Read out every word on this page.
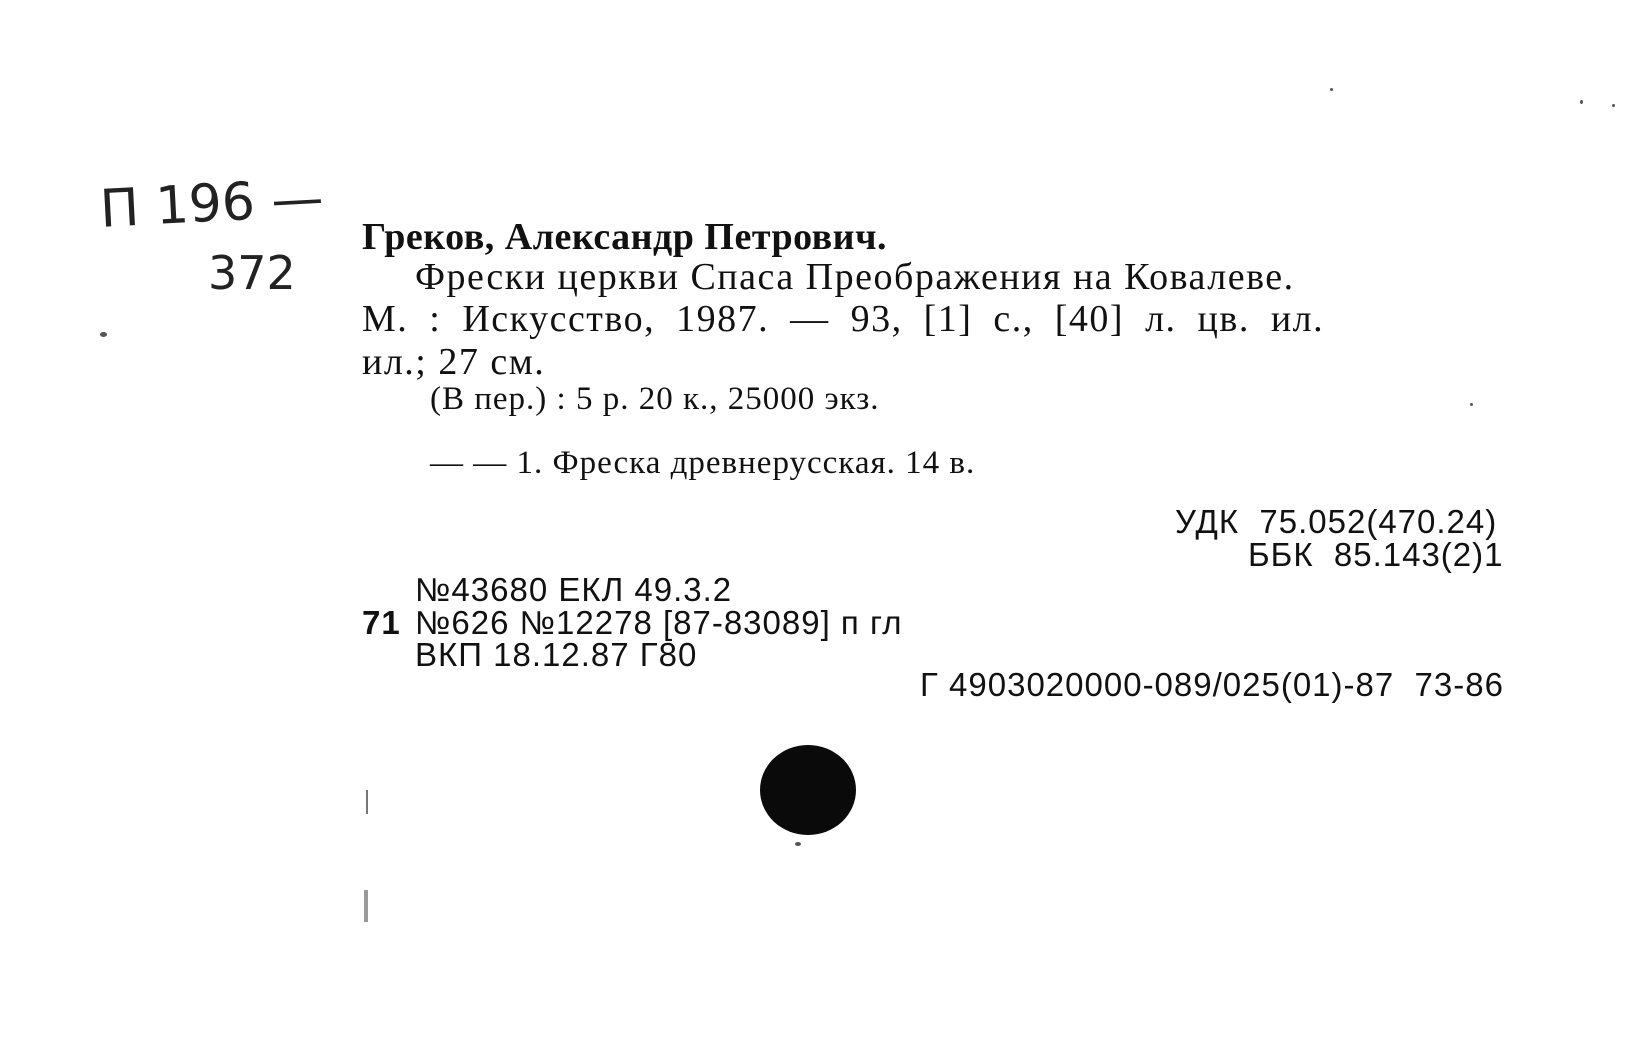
П 196 —
372
Греков, Александр Петрович.
Фрески церкви Спаса Преображения на Ковалеве.
М. : Искусство, 1987. — 93, [1] с., [40] л. цв. ил.
ил.; 27 см.
(В пер.) : 5 р. 20 к., 25000 экз.
— — 1. Фреска древнерусская. 14 в.
УДК  75.052(470.24)
ББК  85.143(2)1
№43680 ЕКЛ 49.3.2
71 №626 №12278 [87-83089] п гл
ВКП 18.12.87 Г80
Г 4903020000-089/025(01)-87  73-86
